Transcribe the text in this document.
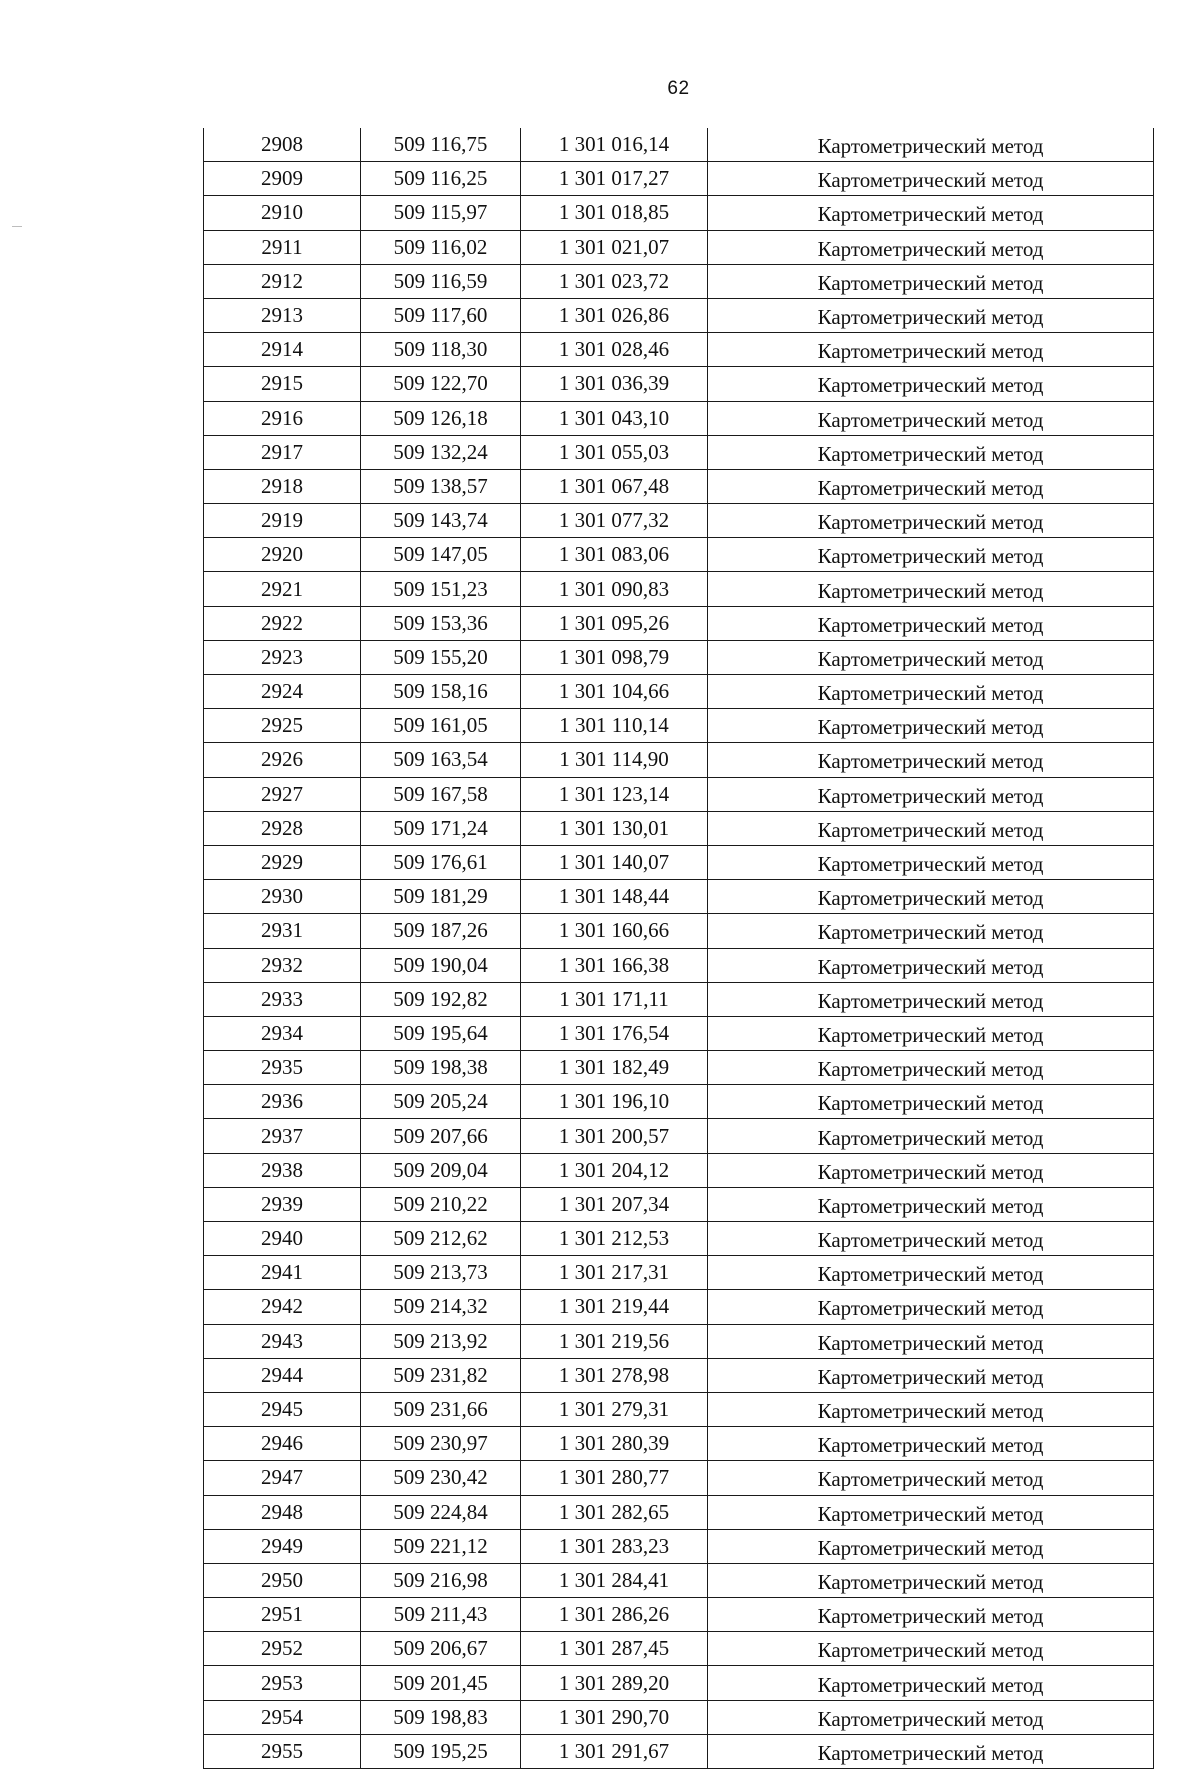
62
2908	509 116,75	1 301 016,14	Картометрический метод
2909	509 116,25	1 301 017,27	Картометрический метод
2910	509 115,97	1 301 018,85	Картометрический метод
2911	509 116,02	1 301 021,07	Картометрический метод
2912	509 116,59	1 301 023,72	Картометрический метод
2913	509 117,60	1 301 026,86	Картометрический метод
2914	509 118,30	1 301 028,46	Картометрический метод
2915	509 122,70	1 301 036,39	Картометрический метод
2916	509 126,18	1 301 043,10	Картометрический метод
2917	509 132,24	1 301 055,03	Картометрический метод
2918	509 138,57	1 301 067,48	Картометрический метод
2919	509 143,74	1 301 077,32	Картометрический метод
2920	509 147,05	1 301 083,06	Картометрический метод
2921	509 151,23	1 301 090,83	Картометрический метод
2922	509 153,36	1 301 095,26	Картометрический метод
2923	509 155,20	1 301 098,79	Картометрический метод
2924	509 158,16	1 301 104,66	Картометрический метод
2925	509 161,05	1 301 110,14	Картометрический метод
2926	509 163,54	1 301 114,90	Картометрический метод
2927	509 167,58	1 301 123,14	Картометрический метод
2928	509 171,24	1 301 130,01	Картометрический метод
2929	509 176,61	1 301 140,07	Картометрический метод
2930	509 181,29	1 301 148,44	Картометрический метод
2931	509 187,26	1 301 160,66	Картометрический метод
2932	509 190,04	1 301 166,38	Картометрический метод
2933	509 192,82	1 301 171,11	Картометрический метод
2934	509 195,64	1 301 176,54	Картометрический метод
2935	509 198,38	1 301 182,49	Картометрический метод
2936	509 205,24	1 301 196,10	Картометрический метод
2937	509 207,66	1 301 200,57	Картометрический метод
2938	509 209,04	1 301 204,12	Картометрический метод
2939	509 210,22	1 301 207,34	Картометрический метод
2940	509 212,62	1 301 212,53	Картометрический метод
2941	509 213,73	1 301 217,31	Картометрический метод
2942	509 214,32	1 301 219,44	Картометрический метод
2943	509 213,92	1 301 219,56	Картометрический метод
2944	509 231,82	1 301 278,98	Картометрический метод
2945	509 231,66	1 301 279,31	Картометрический метод
2946	509 230,97	1 301 280,39	Картометрический метод
2947	509 230,42	1 301 280,77	Картометрический метод
2948	509 224,84	1 301 282,65	Картометрический метод
2949	509 221,12	1 301 283,23	Картометрический метод
2950	509 216,98	1 301 284,41	Картометрический метод
2951	509 211,43	1 301 286,26	Картометрический метод
2952	509 206,67	1 301 287,45	Картометрический метод
2953	509 201,45	1 301 289,20	Картометрический метод
2954	509 198,83	1 301 290,70	Картометрический метод
2955	509 195,25	1 301 291,67	Картометрический метод
